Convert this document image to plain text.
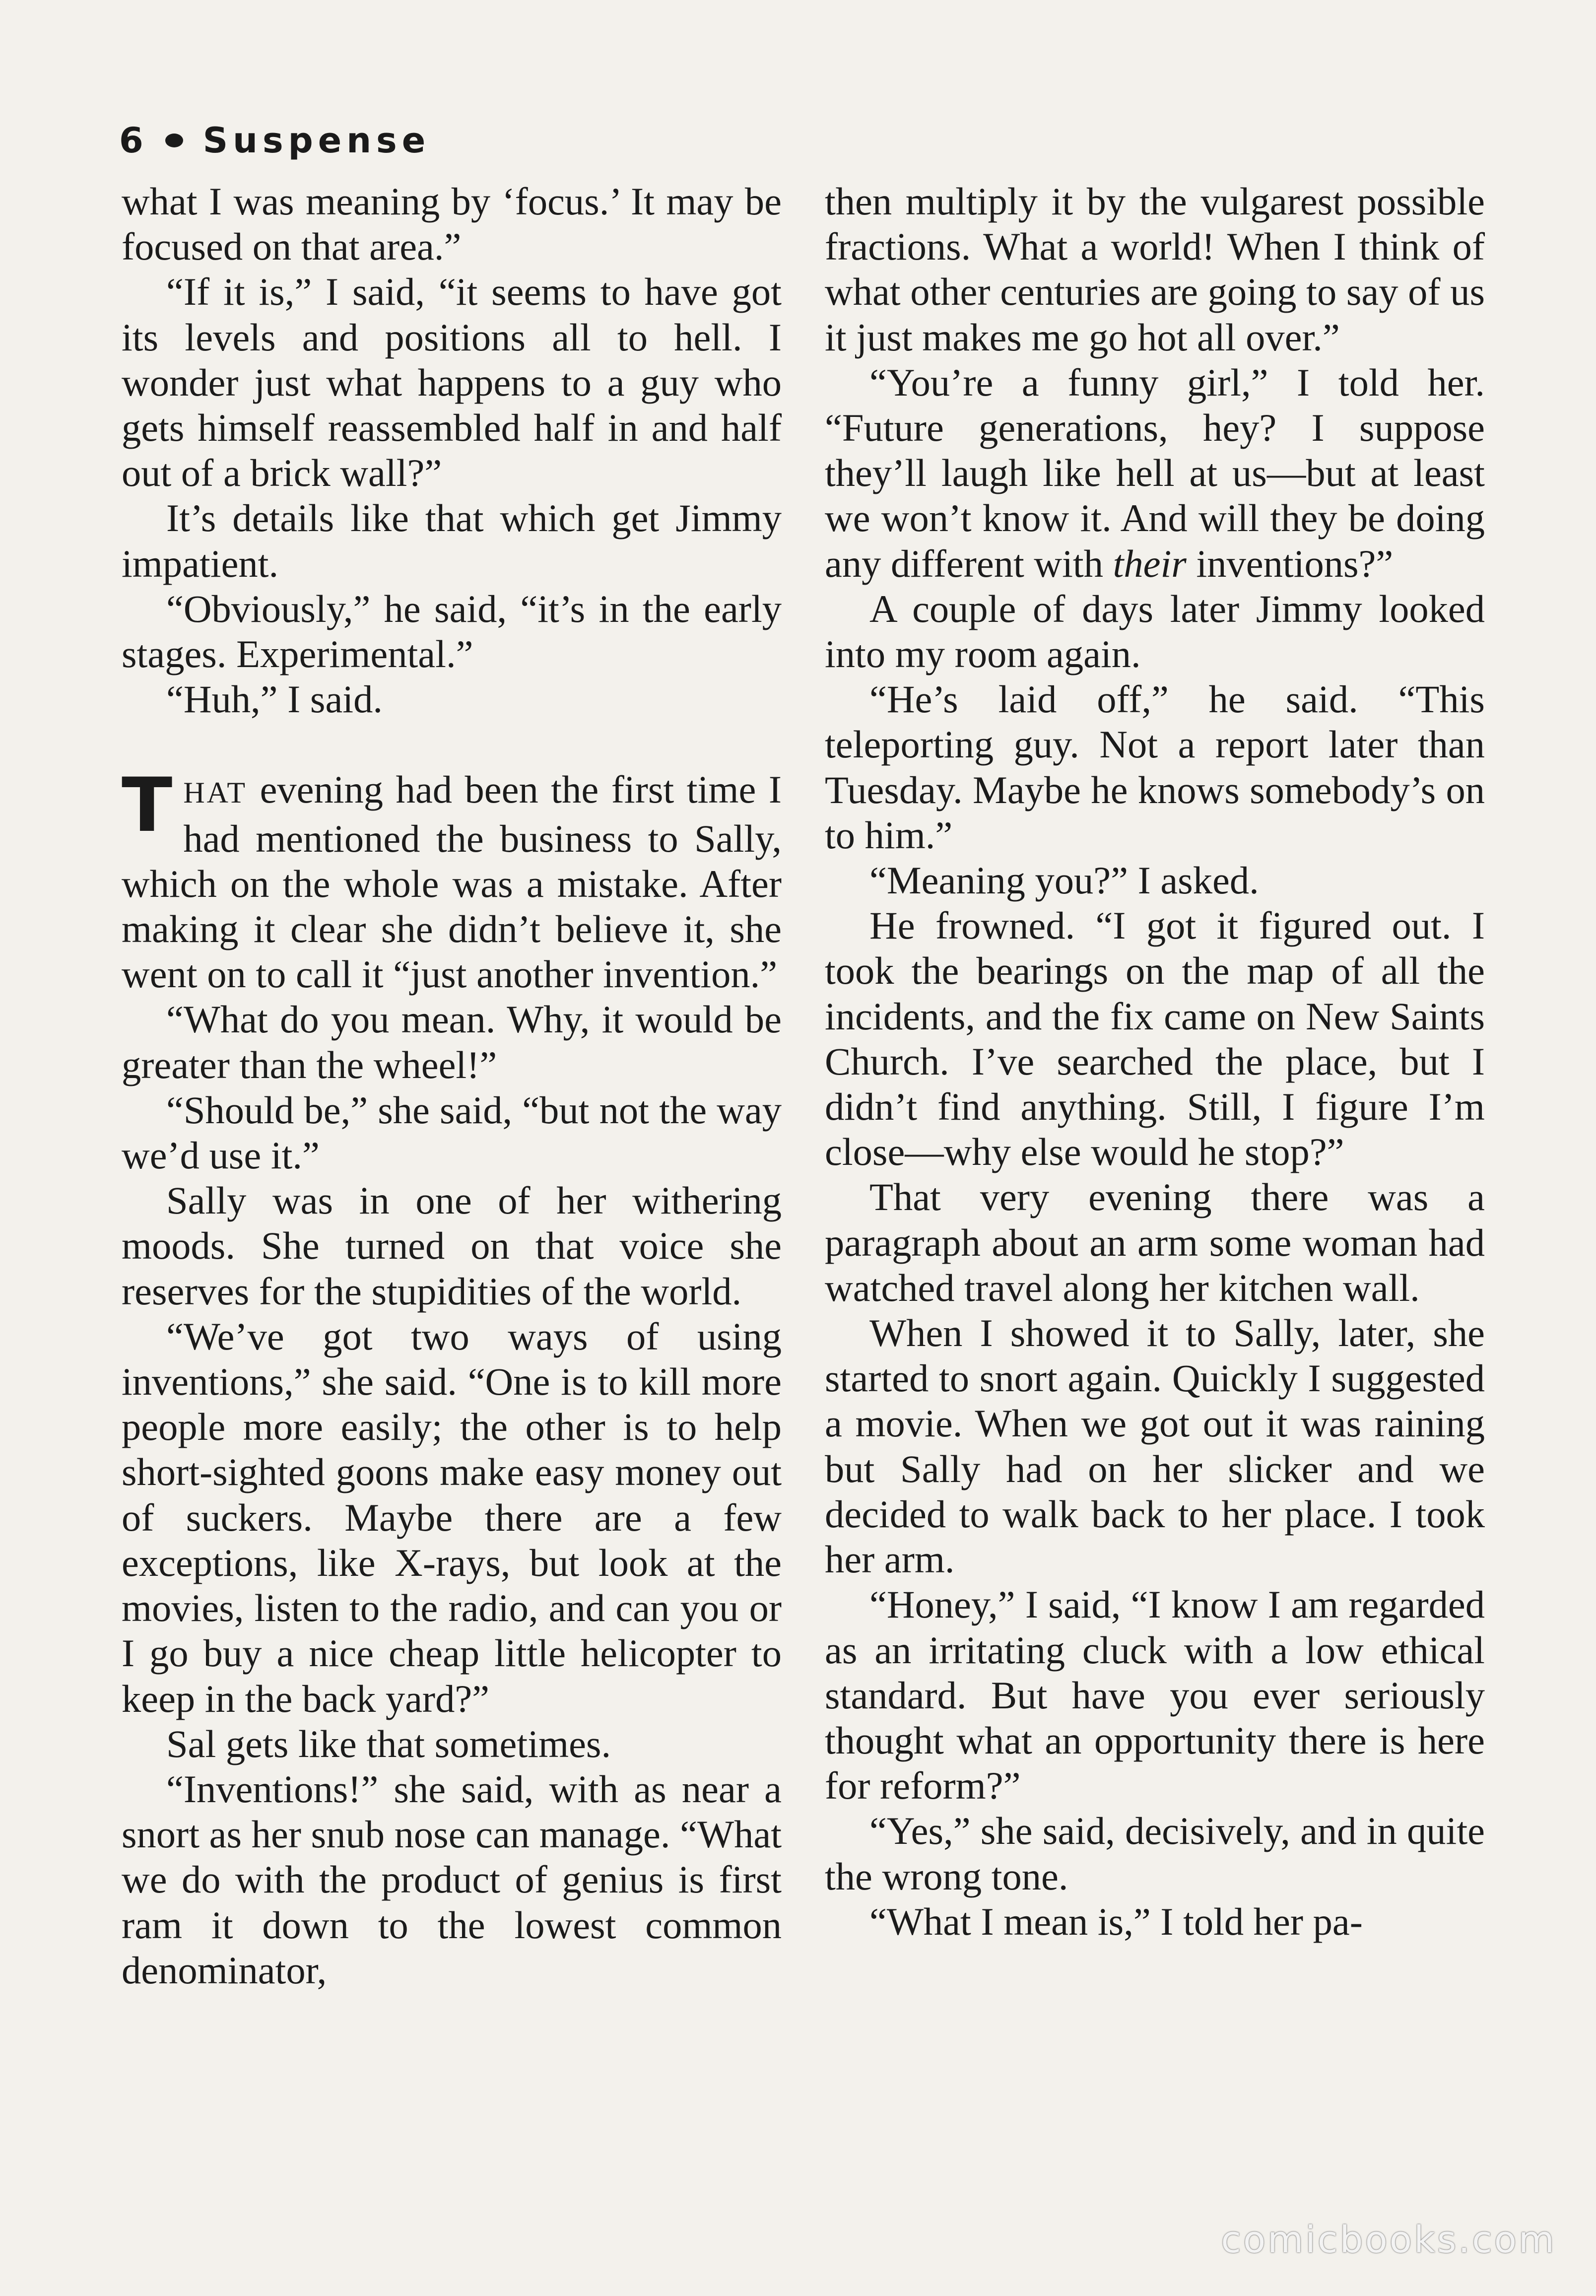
6 Suspense

what I was meaning by ‘focus.’ It may be focused on that area.”

“If it is,” I said, “it seems to have got its levels and positions all to hell. I wonder just what happens to a guy who gets himself reassembled half in and half out of a brick wall?”

It’s details like that which get Jimmy impatient.

“Obviously,” he said, “it’s in the early stages. Experimental.”

“Huh,” I said.

THAT evening had been the first time I had mentioned the business to Sally, which on the whole was a mistake. After making it clear she didn’t believe it, she went on to call it “just another invention.”

“What do you mean. Why, it would be greater than the wheel!”

“Should be,” she said, “but not the way we’d use it.”

Sally was in one of her withering moods. She turned on that voice she reserves for the stupidities of the world.

“We’ve got two ways of using inventions,” she said. “One is to kill more people more easily; the other is to help short-sighted goons make easy money out of suckers. Maybe there are a few exceptions, like X-rays, but look at the movies, listen to the radio, and can you or I go buy a nice cheap little helicopter to keep in the back yard?”

Sal gets like that sometimes.

“Inventions!” she said, with as near a snort as her snub nose can manage. “What we do with the product of genius is first ram it down to the lowest common denominator,

then multiply it by the vulgarest possible fractions. What a world! When I think of what other centuries are going to say of us it just makes me go hot all over.”

“You’re a funny girl,” I told her. “Future generations, hey? I suppose they’ll laugh like hell at us—but at least we won’t know it. And will they be doing any different with their inventions?”

A couple of days later Jimmy looked into my room again.

“He’s laid off,” he said. “This teleporting guy. Not a report later than Tuesday. Maybe he knows somebody’s on to him.”

“Meaning you?” I asked.

He frowned. “I got it figured out. I took the bearings on the map of all the incidents, and the fix came on New Saints Church. I’ve searched the place, but I didn’t find anything. Still, I figure I’m close—why else would he stop?”

That very evening there was a paragraph about an arm some woman had watched travel along her kitchen wall.

When I showed it to Sally, later, she started to snort again. Quickly I suggested a movie. When we got out it was raining but Sally had on her slicker and we decided to walk back to her place. I took her arm.

“Honey,” I said, “I know I am regarded as an irritating cluck with a low ethical standard. But have you ever seriously thought what an opportunity there is here for reform?”

“Yes,” she said, decisively, and in quite the wrong tone.

“What I mean is,” I told her pa-

comicbooks.com
